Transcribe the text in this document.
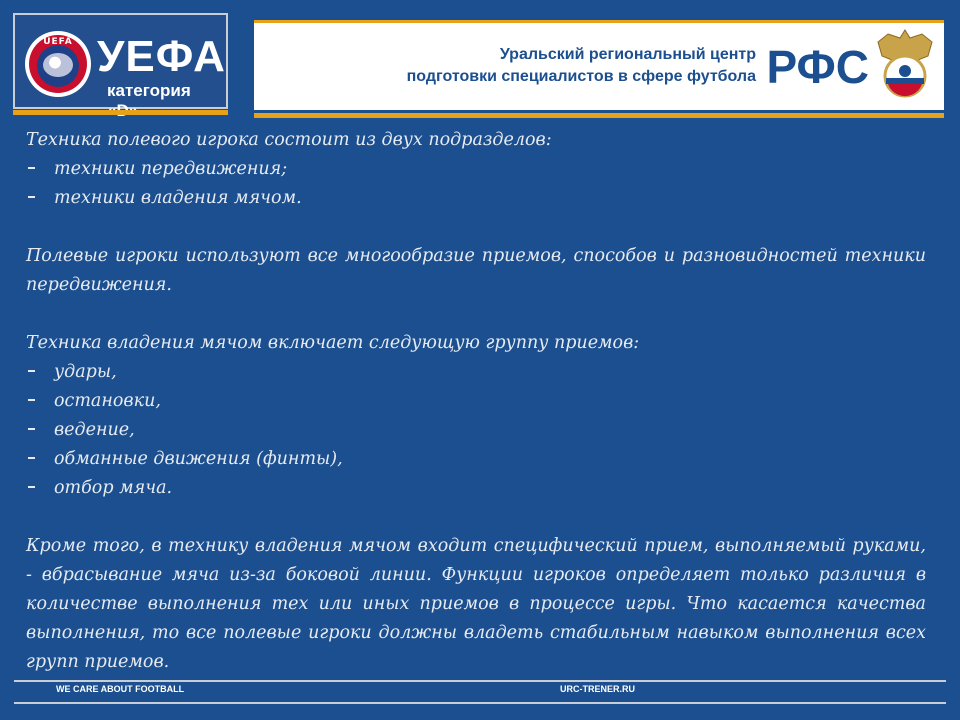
UEFA УЕФА
категория
Уральский региональный центр
подготовки специалистов в сфере футбола РФС

Техника полевого игрока состоит из двух подразделов:

техники передвижения;
техники владения мячом.

Полевые игроки используют все многообразие приемов, способов и разновидностей техники передвижения.

Техника владения мячом включает следующую группу приемов:

удары,
остановки,
ведение,
обманные движения (финты),
отбор мяча.

Кроме того, в технику владения мячом входит специфический прием, выполняемый руками, - вбрасывание мяча из-за боковой линии. Функции игроков определяет только различия в количестве выполнения тех или иных приемов в процессе игры. Что касается качества выполнения, то все полевые игроки должны владеть стабильным навыком выполнения всех групп приемов.

WE CARE ABOUT FOOTBALL	URC-TRENER.RU
